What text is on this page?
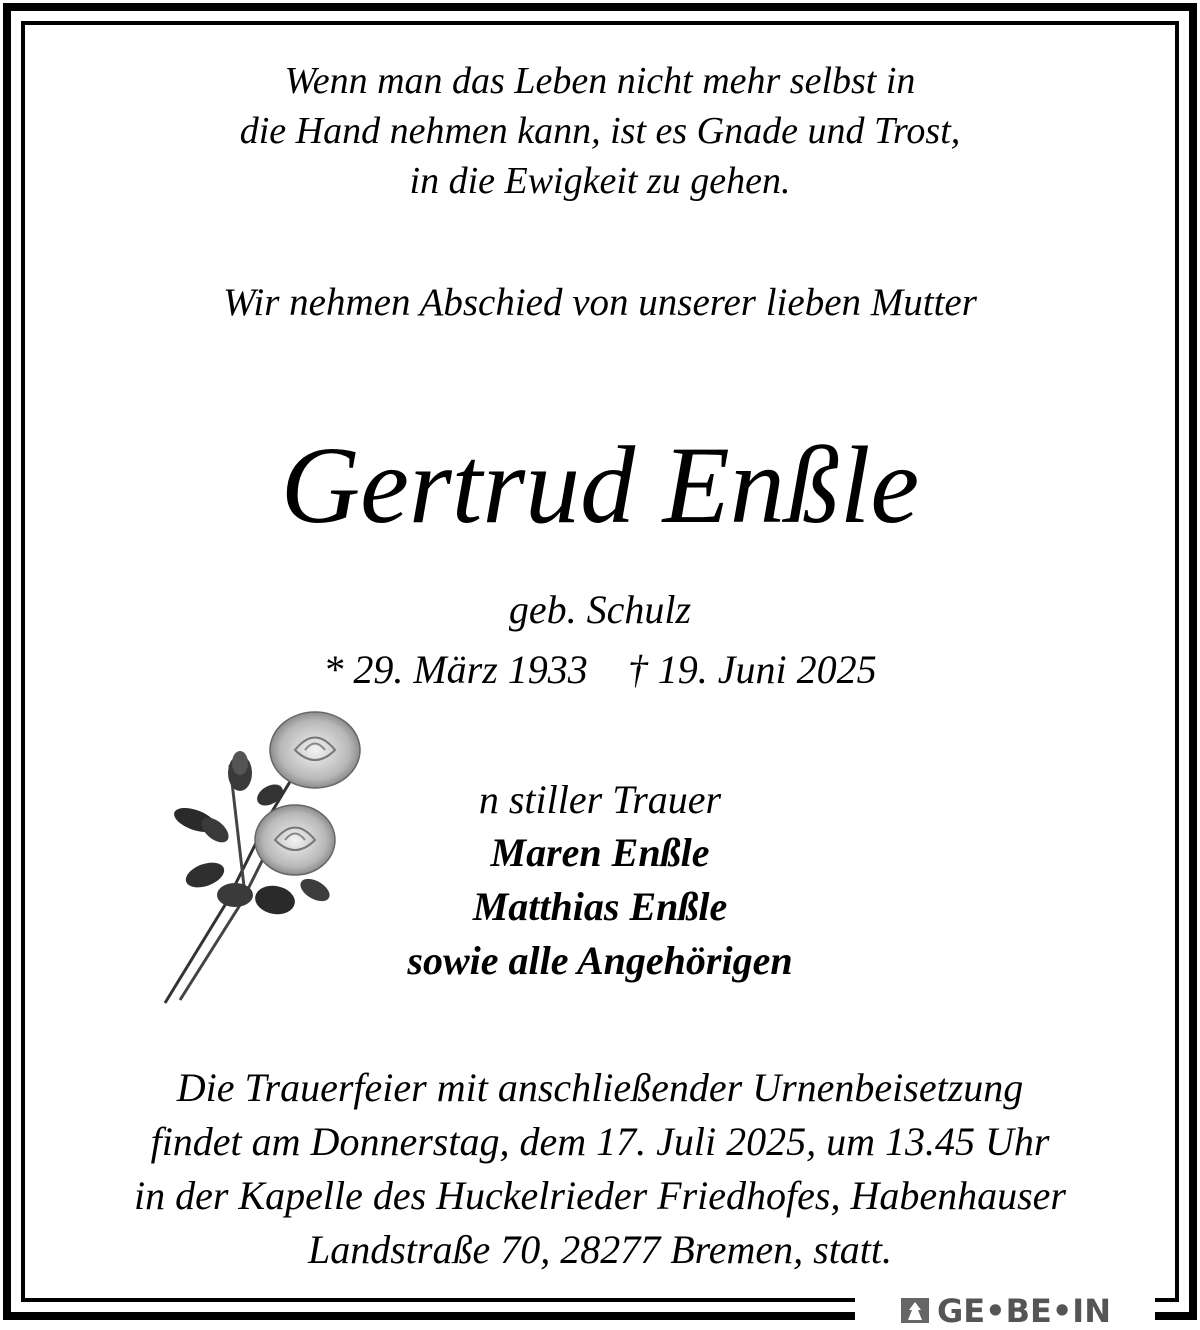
Wenn man das Leben nicht mehr selbst in
die Hand nehmen kann, ist es Gnade und Trost,
in die Ewigkeit zu gehen.
Wir nehmen Abschied von unserer lieben Mutter
Gertrud Enßle
geb. Schulz
* 29. März 1933 † 19. Juni 2025
n stiller Trauer
Maren Enßle
Matthias Enßle
sowie alle Angehörigen
Die Trauerfeier mit anschließender Urnenbeisetzung
findet am Donnerstag, dem 17. Juli 2025, um 13.45 Uhr
in der Kapelle des Huckelrieder Friedhofes, Habenhauser
Landstraße 70, 28277 Bremen, statt.
GE•BE•IN
